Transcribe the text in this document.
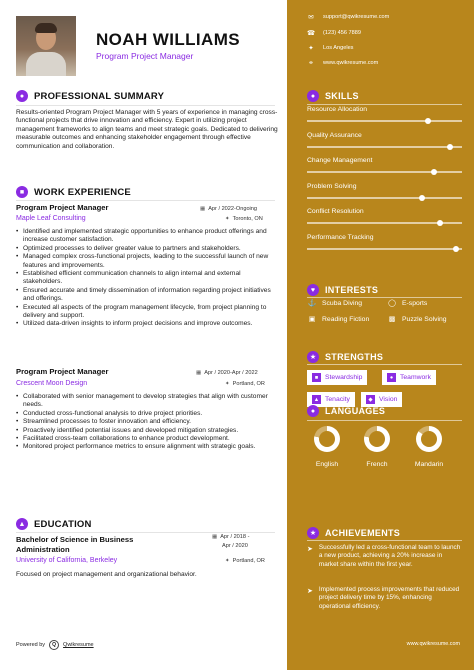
NOAH WILLIAMS
Program Project Manager
●	PROFESSIONAL SUMMARY
Results-oriented Program Project Manager with 5 years of experience in managing cross-functional projects that drive innovation and efficiency. Expert in utilizing project management frameworks to align teams and meet strategic goals. Dedicated to delivering measurable outcomes and enhancing stakeholder engagement through effective communication and collaboration.
■	WORK EXPERIENCE
Program Project Manager	▦ Apr / 2022-Ongoing
Maple Leaf Consulting	✦ Toronto, ON
• Identified and implemented strategic opportunities to enhance product offerings and increase customer satisfaction.
• Optimized processes to deliver greater value to partners and stakeholders.
• Managed complex cross-functional projects, leading to the successful launch of new features and improvements.
• Established efficient communication channels to align internal and external stakeholders.
• Ensured accurate and timely dissemination of information regarding project initiatives and offerings.
• Executed all aspects of the program management lifecycle, from project planning to delivery and support.
• Utilized data-driven insights to inform project decisions and improve outcomes.
Program Project Manager	▦ Apr / 2020-Apr / 2022
Crescent Moon Design	✦ Portland, OR
• Collaborated with senior management to develop strategies that align with customer needs.
• Conducted cross-functional analysis to drive project priorities.
• Streamlined processes to foster innovation and efficiency.
• Proactively identified potential issues and developed mitigation strategies.
• Facilitated cross-team collaborations to enhance product development.
• Monitored project performance metrics to ensure alignment with strategic goals.
▲ EDUCATION
Bachelor of Science in Business
Administration
▦ Apr / 2018 -
Apr / 2020
University of California, Berkeley	✦ Portland, OR
Focused on project management and organizational behavior.
Powered by	Q	Qwikresume
✉ support@qwikresume.com
☎ (123) 456 7889
✦ Los Angeles
⚭ www.qwikresume.com
●	SKILLS
Resource Allocation
Quality Assurance
Change Management
Problem Solving
Conflict Resolution
Performance Tracking
♥	INTERESTS
⚓ Scuba Diving	◯ E-sports
▣ Reading Fiction	▩ Puzzle Solving
★ STRENGTHS
■	Stewardship	●	Teamwork
▲ Tenacity	◆ Vision
●	LANGUAGES
English	French	Mandarin
★ ACHIEVEMENTS
➤ Successfully led a cross-functional team to launch a new product, achieving a 20% increase in market share within the first year.
➤ Implemented process improvements that reduced project delivery time by 15%, enhancing operational efficiency.
www.qwikresume.com
